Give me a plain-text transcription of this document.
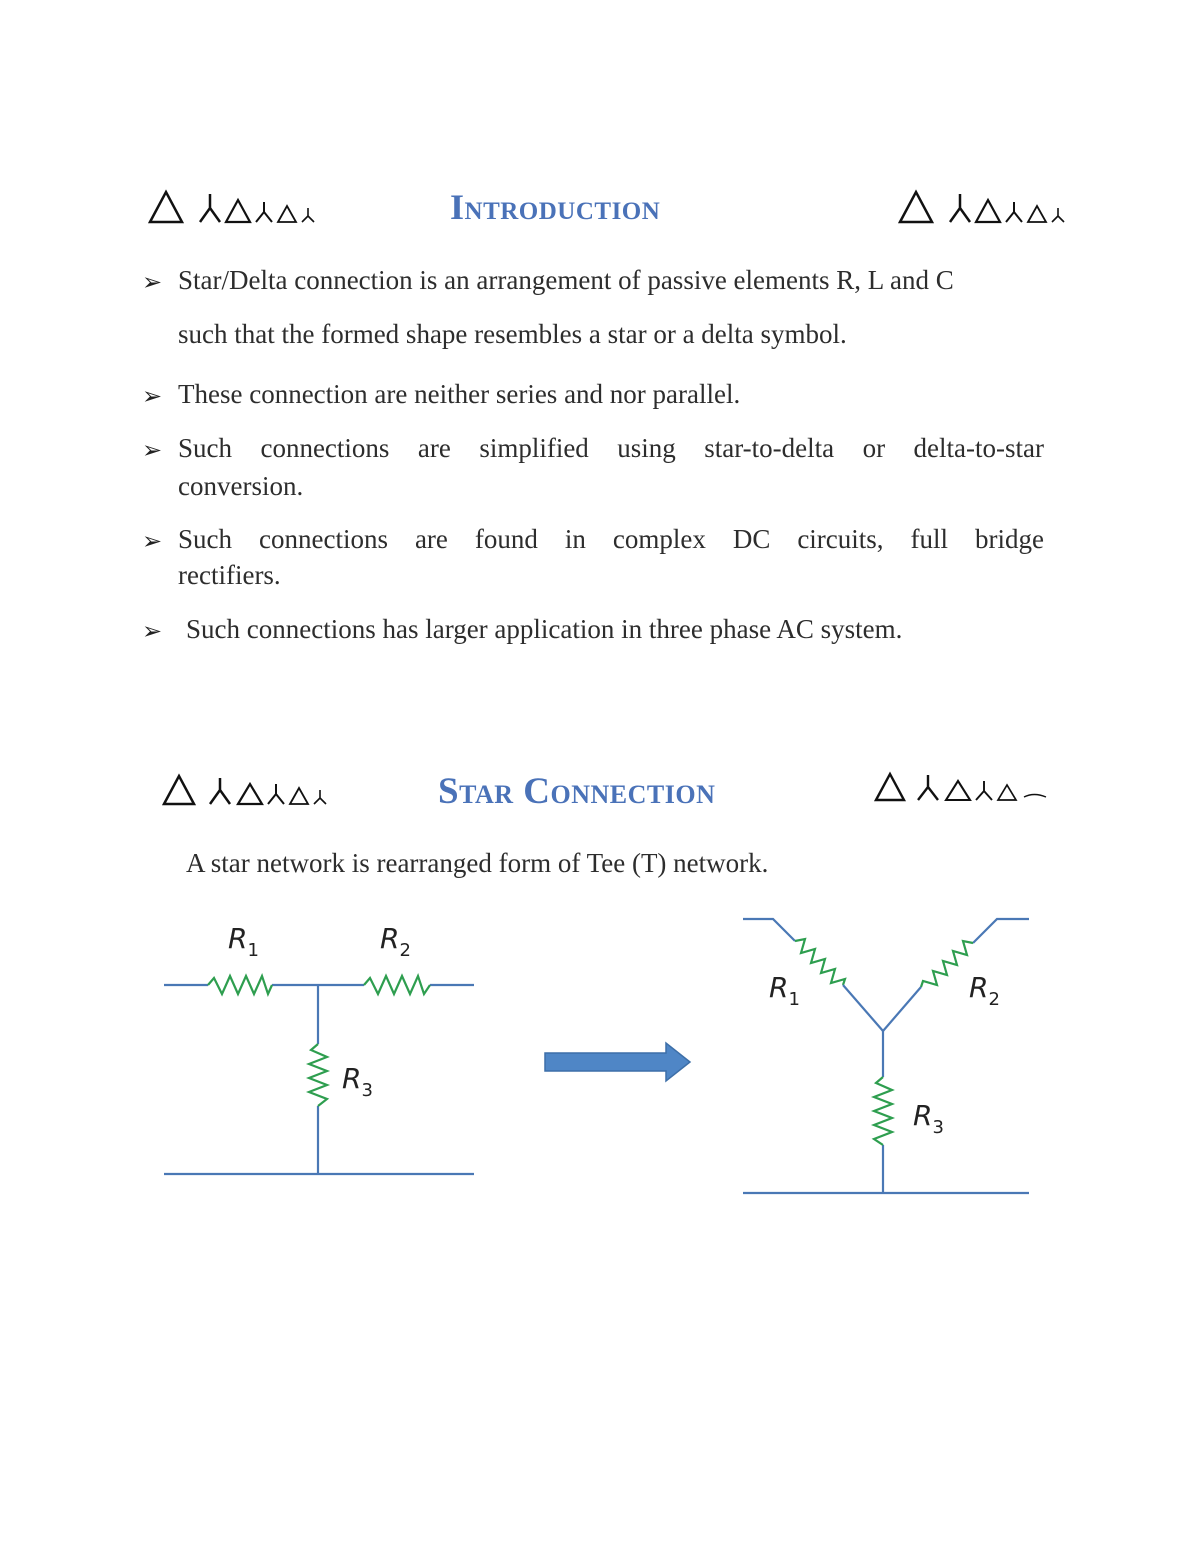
Introduction
➢ Star/Delta connection is an arrangement of passive elements R, L and C
such that the formed shape resembles a star or a delta symbol.
➢ These connection are neither series and nor parallel.
➢ Such connections are simplified using star-to-delta or delta-to-star
conversion.
➢ Such connections are found in complex DC circuits, full bridge
rectifiers.
➢ Such connections has larger application in three phase AC system.
Star Connection
A star network is rearranged form of Tee (T) network.
$R_1$	$R_2$
$R_3$
$R_1$	$R_2$
$R_3$
